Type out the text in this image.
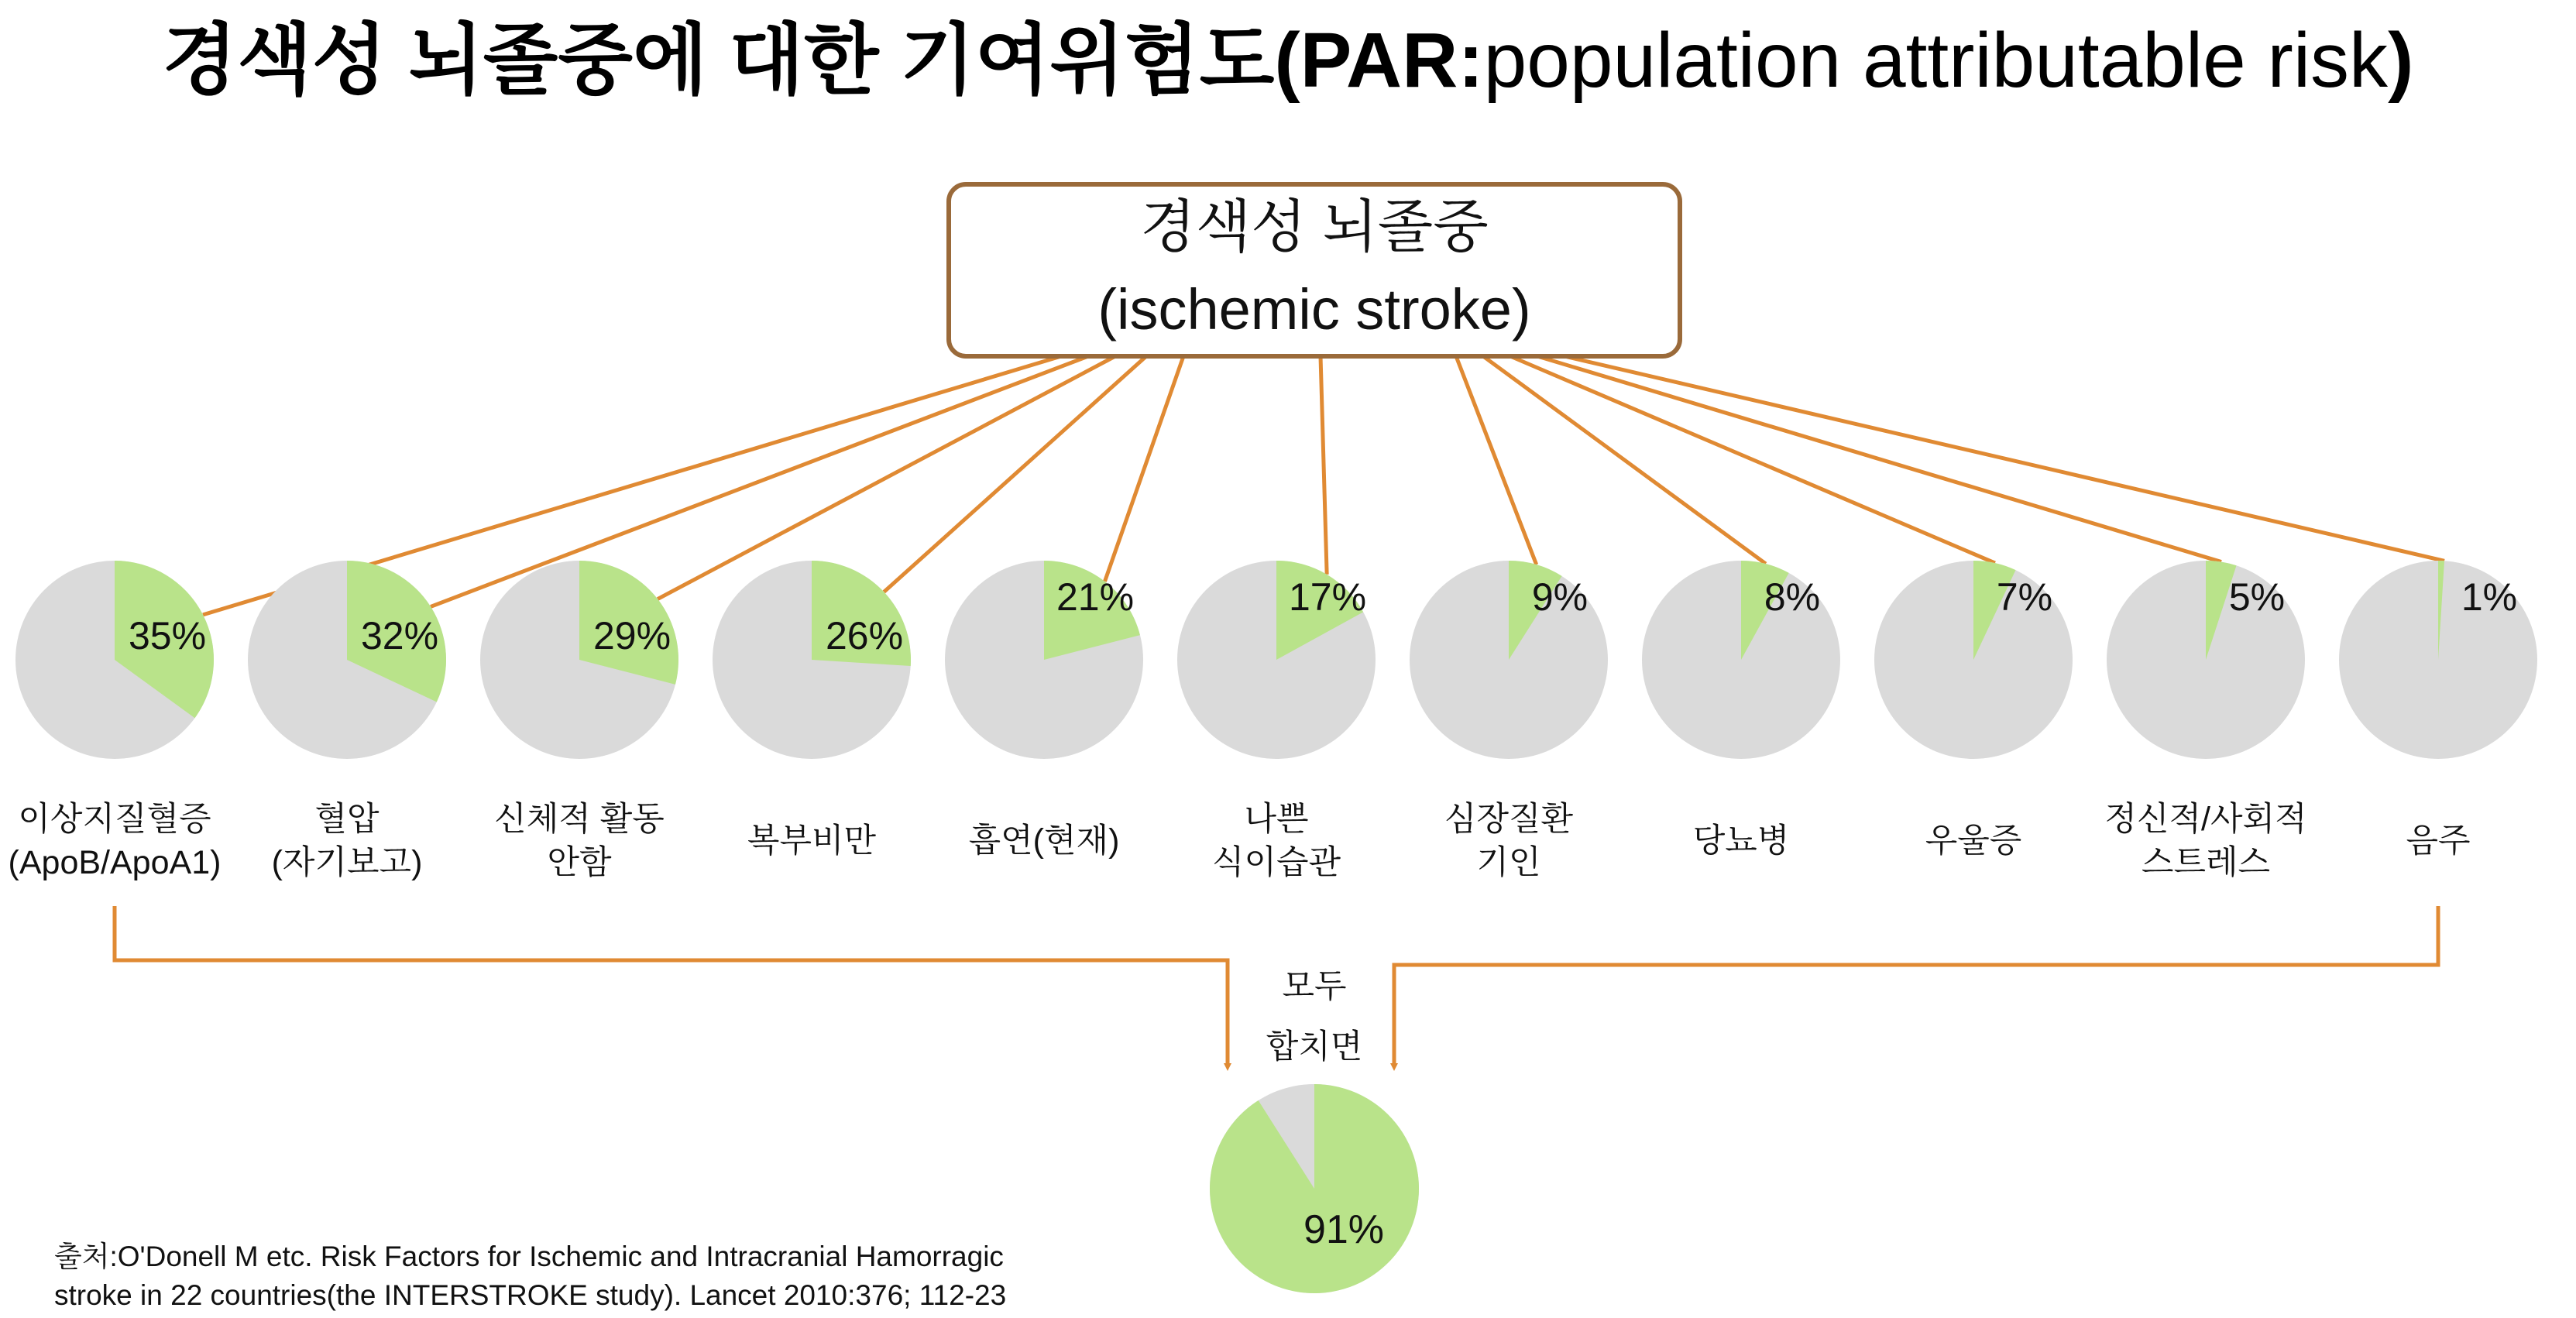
경색성 뇌졸중에 대한 기여위험도(PAR:population attributable risk)
경색성 뇌졸중
(ischemic stroke)
35%
이상지질혈증
(ApoB/ApoA1)
32%
혈압
(자기보고)
29%
신체적 활동
안함
26%
복부비만
21%
흡연(현재)
17%
나쁜
식이습관
9%
심장질환
기인
8%
당뇨병
7%
우울증
5%
정신적/사회적
스트레스
1%
음주
모두
합치면
91%
출처:O'Donell M etc. Risk Factors for Ischemic and Intracranial Hamorragic
stroke in 22 countries(the INTERSTROKE study). Lancet 2010:376; 112-23
